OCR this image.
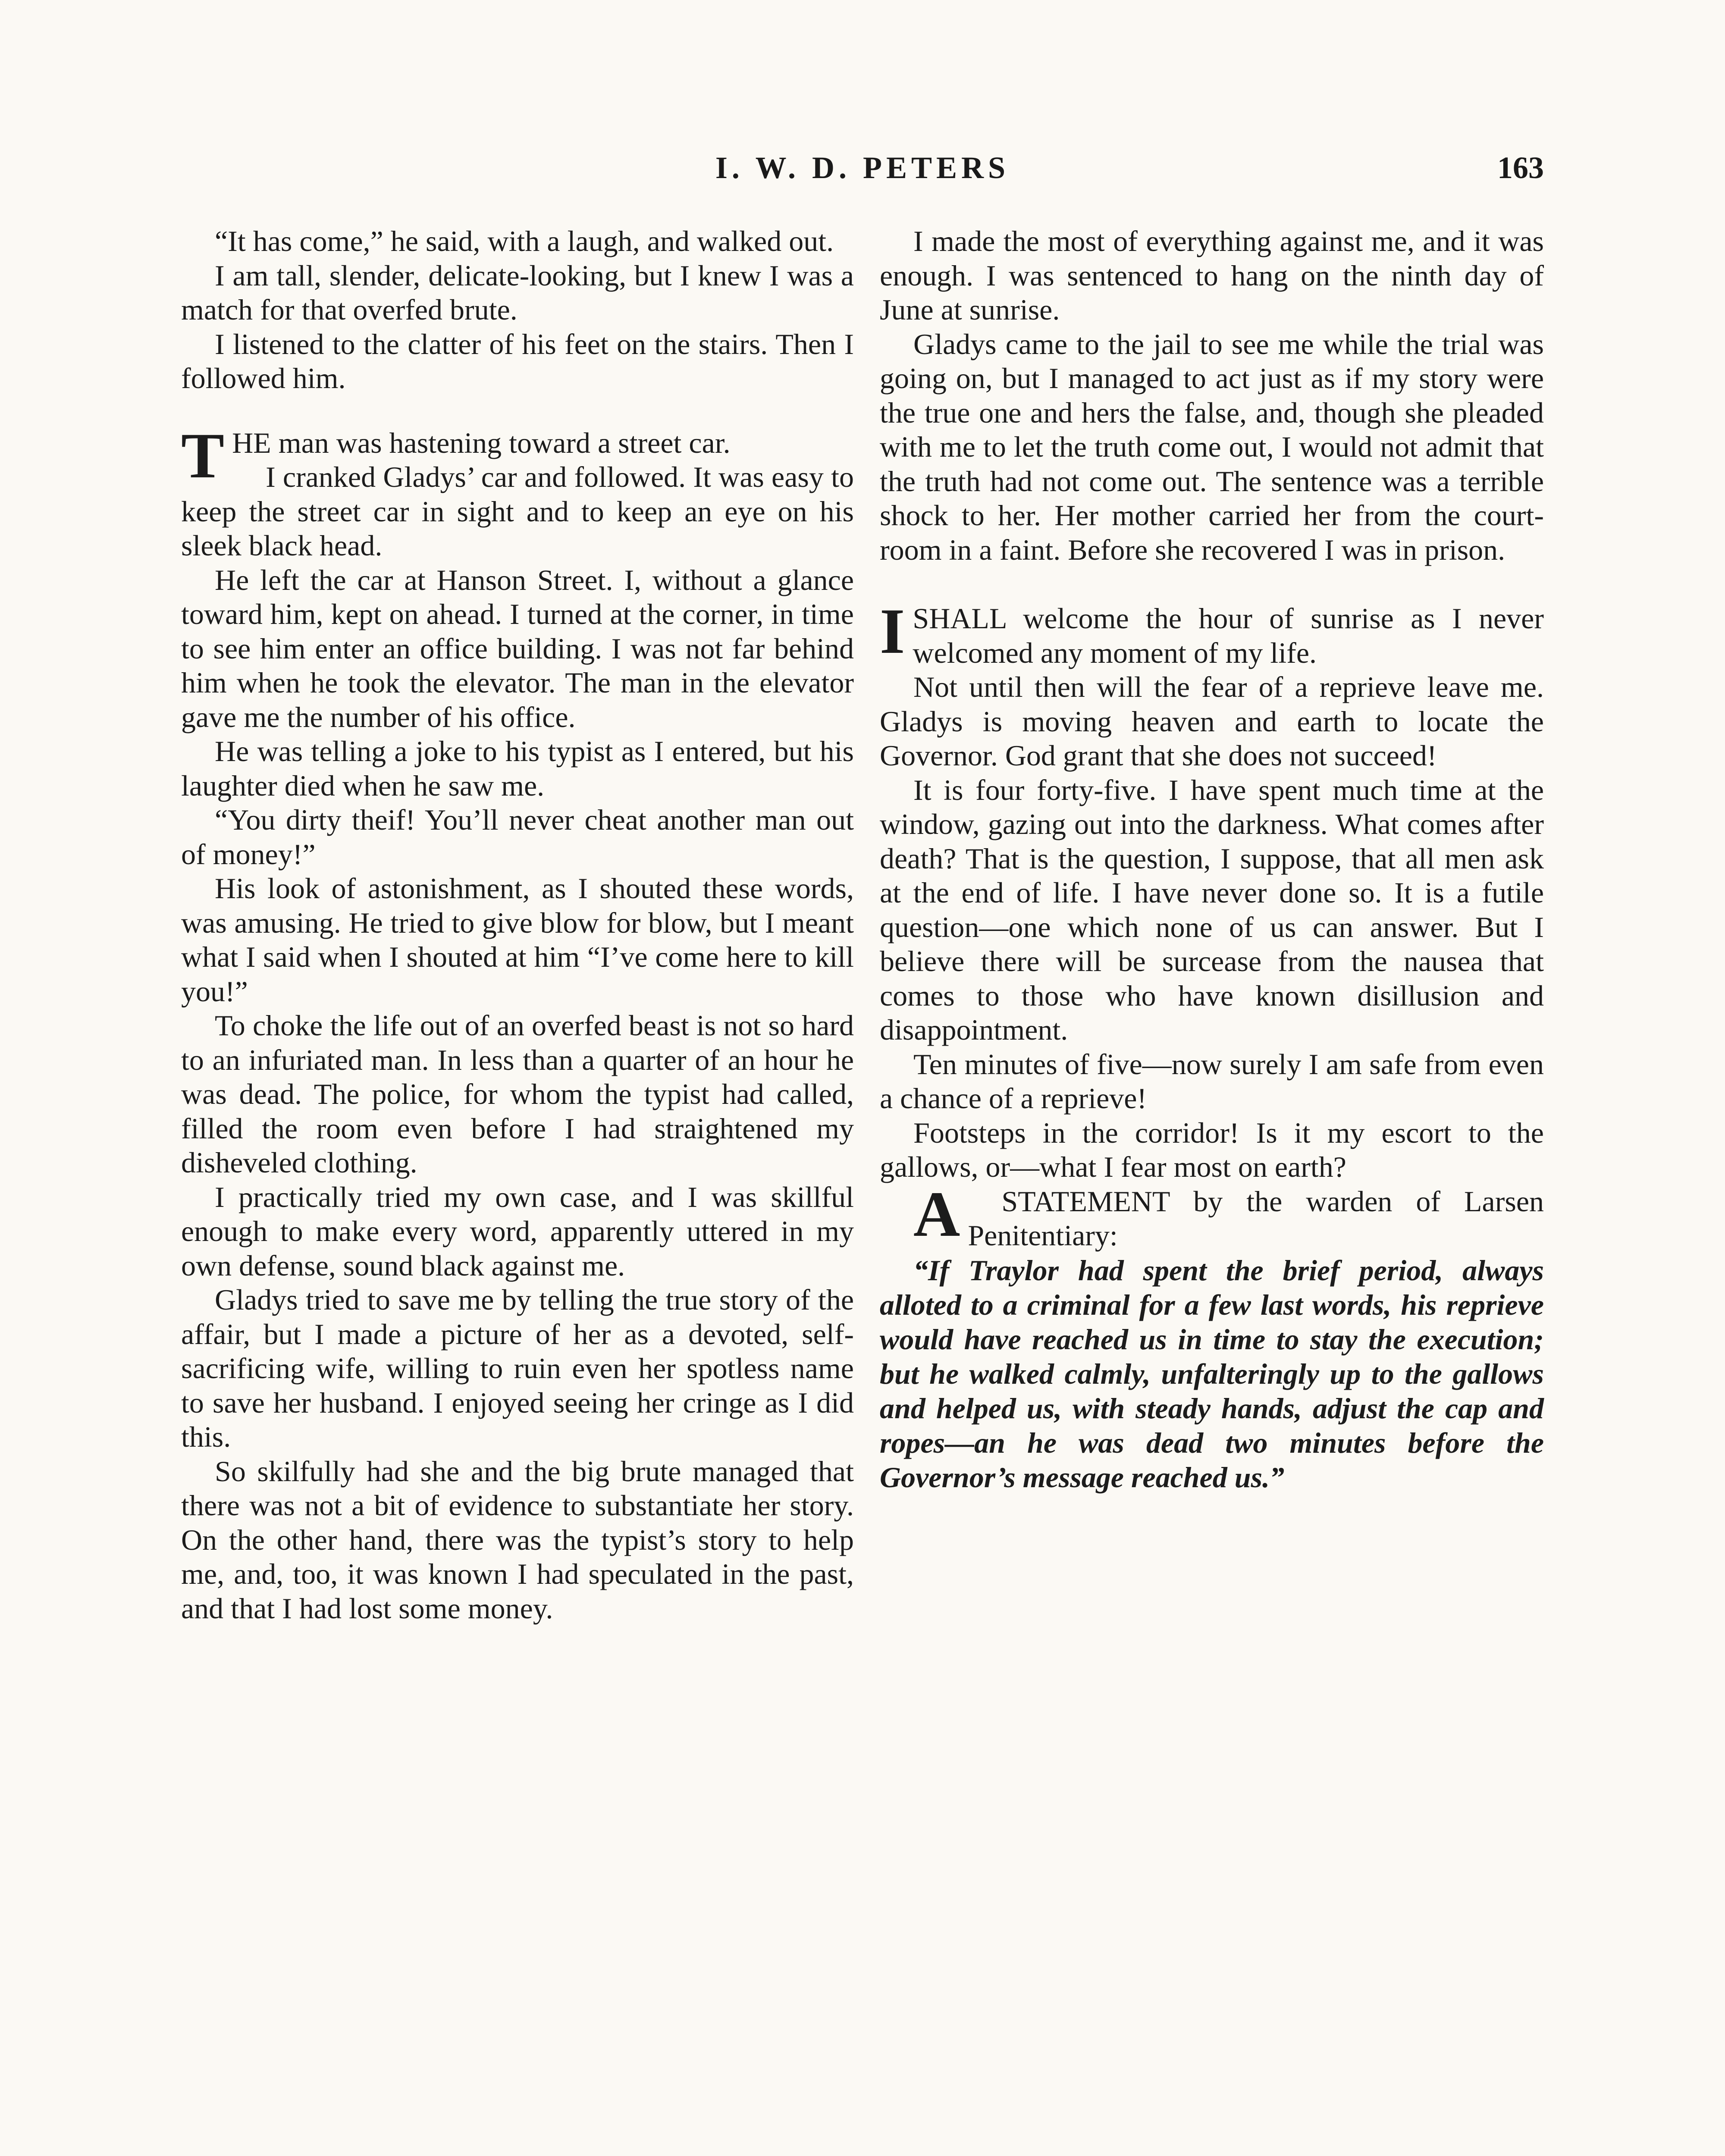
I. W. D. PETERS	163

“It has come,” he said, with a laugh, and walked out.

I am tall, slender, delicate-looking, but I knew I was a match for that overfed brute.

I listened to the clatter of his feet on the stairs. Then I followed him.

THE man was hastening toward a street car.

I cranked Gladys’ car and followed. It was easy to keep the street car in sight and to keep an eye on his sleek black head.

He left the car at Hanson Street. I, without a glance toward him, kept on ahead. I turned at the corner, in time to see him enter an office building. I was not far behind him when he took the elevator. The man in the elevator gave me the number of his office.

He was telling a joke to his typist as I entered, but his laughter died when he saw me.

“You dirty theif! You’ll never cheat another man out of money!”

His look of astonishment, as I shouted these words, was amusing. He tried to give blow for blow, but I meant what I said when I shouted at him “I’ve come here to kill you!”

To choke the life out of an overfed beast is not so hard to an infuriated man. In less than a quarter of an hour he was dead. The police, for whom the typist had called, filled the room even before I had straightened my disheveled clothing.

I practically tried my own case, and I was skillful enough to make every word, apparently uttered in my own defense, sound black against me.

Gladys tried to save me by telling the true story of the affair, but I made a picture of her as a devoted, self-sacrificing wife, willing to ruin even her spotless name to save her husband. I enjoyed seeing her cringe as I did this.

So skilfully had she and the big brute managed that there was not a bit of evidence to substantiate her story. On the other hand, there was the typist’s story to help me, and, too, it was known I had speculated in the past, and that I had lost some money.

I made the most of everything against me, and it was enough. I was sentenced to hang on the ninth day of June at sunrise.

Gladys came to the jail to see me while the trial was going on, but I managed to act just as if my story were the true one and hers the false, and, though she pleaded with me to let the truth come out, I would not admit that the truth had not come out. The sentence was a terrible shock to her. Her mother carried her from the court-room in a faint. Before she recovered I was in prison.

ISHALL welcome the hour of sunrise as I never welcomed any moment of my life.

Not until then will the fear of a reprieve leave me. Gladys is moving heaven and earth to locate the Governor. God grant that she does not succeed!

It is four forty-five. I have spent much time at the window, gazing out into the darkness. What comes after death? That is the question, I suppose, that all men ask at the end of life. I have never done so. It is a futile question—one which none of us can answer. But I believe there will be surcease from the nausea that comes to those who have known disillusion and disappointment.

Ten minutes of five—now surely I am safe from even a chance of a reprieve!

Footsteps in the corridor! Is it my escort to the gallows, or—what I fear most on earth?

A STATEMENT by the warden of Larsen Penitentiary:

“If Traylor had spent the brief period, always alloted to a criminal for a few last words, his reprieve would have reached us in time to stay the execution; but he walked calmly, unfalteringly up to the gallows and helped us, with steady hands, adjust the cap and ropes—an he was dead two minutes before the Governor’s message reached us.”
